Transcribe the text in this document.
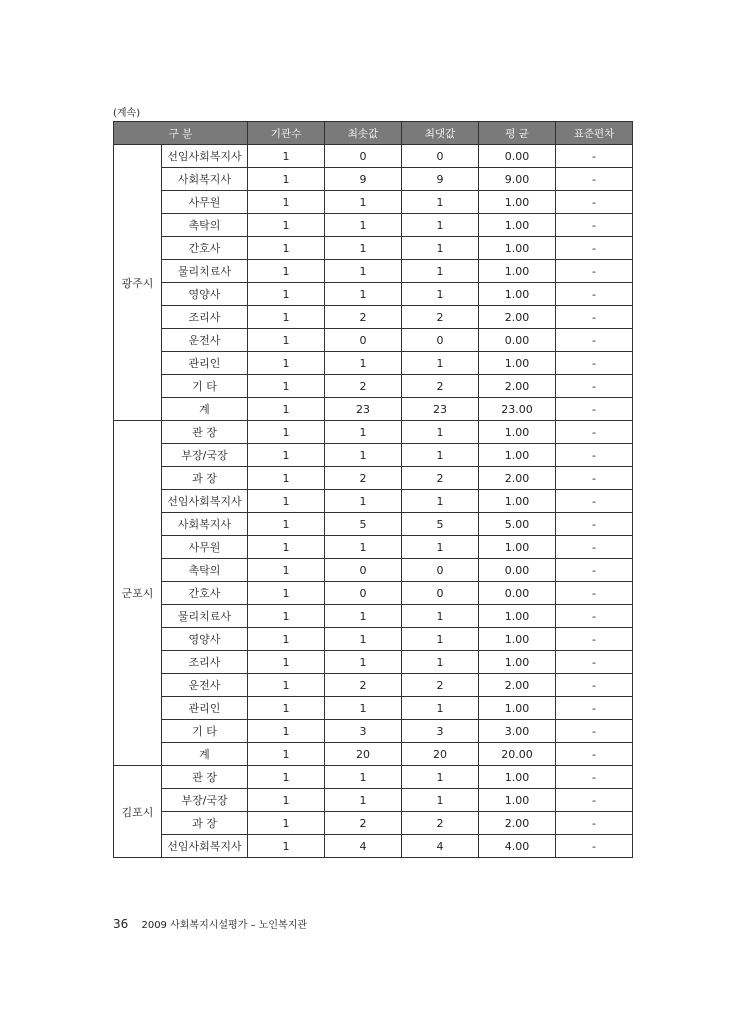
(계속)
구 분		기관수	최솟값	최댓값	평 균	표준편차
광주시	선임사회복지사	1	0	0	0.00	-
	사회복지사	1	9	9	9.00	-
	사무원	1	1	1	1.00	-
	촉탁의	1	1	1	1.00	-
	간호사	1	1	1	1.00	-
	물리치료사	1	1	1	1.00	-
	영양사	1	1	1	1.00	-
	조리사	1	2	2	2.00	-
	운전사	1	0	0	0.00	-
	관리인	1	1	1	1.00	-
	기 타	1	2	2	2.00	-
	계	1	23	23	23.00	-
군포시	관 장	1	1	1	1.00	-
	부장/국장	1	1	1	1.00	-
	과 장	1	2	2	2.00	-
	선임사회복지사	1	1	1	1.00	-
	사회복지사	1	5	5	5.00	-
	사무원	1	1	1	1.00	-
	촉탁의	1	0	0	0.00	-
	간호사	1	0	0	0.00	-
	물리치료사	1	1	1	1.00	-
	영양사	1	1	1	1.00	-
	조리사	1	1	1	1.00	-
	운전사	1	2	2	2.00	-
	관리인	1	1	1	1.00	-
	기 타	1	3	3	3.00	-
	계	1	20	20	20.00	-
김포시	관 장	1	1	1	1.00	-
	부장/국장	1	1	1	1.00	-
	과 장	1	2	2	2.00	-
	선임사회복지사	1	4	4	4.00	-
36 2009 사회복지시설평가 – 노인복지관
